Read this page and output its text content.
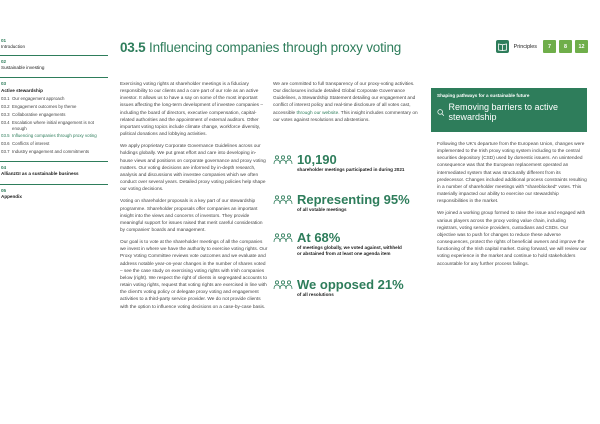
01
Introduction
02
Sustainable investing
03
Active stewardship
03.1 Our engagement approach
03.2 Engagement outcomes by theme
03.3 Collaborative engagements
03.4 Escalation where initial engagement is not enough
03.5 Influencing companies through proxy voting
03.6 Conflicts of interest
03.7 Industry engagement and commitments
04
AllianzGI as a sustainable business
05
Appendix
03.5 Influencing companies through proxy voting	Principles	7	8	12

Exercising voting rights at shareholder meetings is a fiduciary responsibility to our clients and a core part of our role as an active investor. It allows us to have a say on some of the most important issues affecting the long-term development of investee companies – including the board of directors, executive compensation, capital-related authorities and the appointment of external auditors. Other important voting topics include climate change, workforce diversity, political donations and lobbying activities.

We apply proprietary Corporate Governance Guidelines across our holdings globally. We put great effort and care into developing in-house views and positions on corporate governance and proxy voting matters. Our voting decisions are informed by in-depth research, analysis and discussions with investee companies which we often conduct over several years. Detailed proxy voting policies help shape our voting decisions.

Voting on shareholder proposals is a key part of our stewardship programme. Shareholder proposals offer companies an important insight into the views and concerns of investors. They provide meaningful support for issues raised that merit careful consideration by companies' boards and management.

Our goal is to vote at the shareholder meetings of all the companies we invest in where we have the authority to exercise voting rights. Our Proxy Voting Committee reviews vote outcomes and we evaluate and address notable year-on-year changes in the number of shares voted – see the case study on exercising voting rights with Irish companies below (right). We respect the right of clients in segregated accounts to retain voting rights, request that voting rights are exercised in line with the client's voting policy or delegate proxy voting and engagement activities to a third-party service provider. We do not provide clients with the option to influence voting decisions on a case-by-case basis.

We are committed to full transparency of our proxy-voting activities. Our disclosures include detailed Global Corporate Governance Guidelines, a Stewardship Statement detailing our engagement and conflict of interest policy and real-time disclosure of all votes cast, accessible through our website. This insight includes commentary on our votes against resolutions and abstentions.

10,190
shareholder meetings participated in during 2021
Representing 95%
of all votable meetings
At 68%
of meetings globally, we voted against, withheld or abstained from at least one agenda item
We opposed 21%
of all resolutions
Shaping pathways for a sustainable future
Removing barriers to active stewardship

Following the UK's departure from the European Union, changes were implemented to the Irish proxy voting system including to the central securities depository (CSD) used by domestic issuers. An unintended consequence was that the European replacement operated an intermediated system that was structurally different from its predecessor. Changes included additional process constraints resulting in a number of shareholder meetings with "shareblocked" votes. This materially impacted our ability to exercise our stewardship responsibilities in the market.

We joined a working group formed to raise the issue and engaged with various players across the proxy voting value chain, including registrars, voting service providers, custodians and CSDs. Our objective was to push for changes to reduce these adverse consequences, protect the rights of beneficial owners and improve the functioning of the Irish capital market. Going forward, we will review our voting experience in the market and continue to hold stakeholders accountable for any further process failings.
